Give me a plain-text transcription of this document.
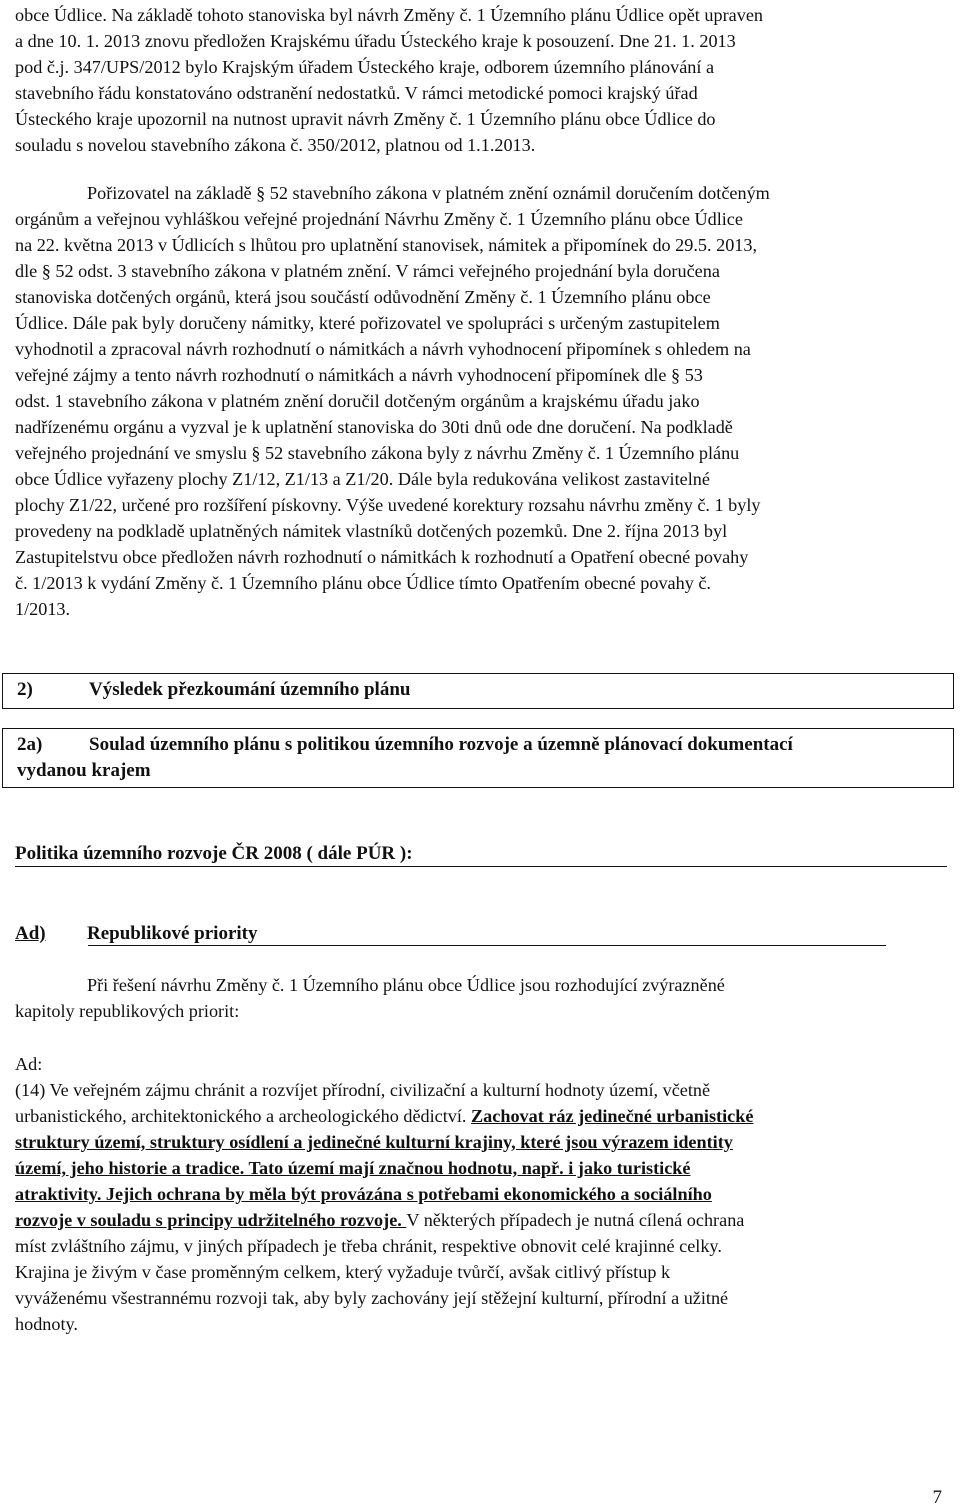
obce Údlice. Na základě tohoto stanoviska byl návrh Změny č. 1 Územního plánu Údlice opět upraven
a dne 10. 1. 2013 znovu předložen Krajskému úřadu Ústeckého kraje k posouzení. Dne 21. 1. 2013
pod č.j. 347/UPS/2012 bylo Krajským úřadem Ústeckého kraje, odborem územního plánování a
stavebního řádu konstatováno odstranění nedostatků. V rámci metodické pomoci krajský úřad
Ústeckého kraje upozornil na nutnost upravit návrh Změny č. 1 Územního plánu obce Údlice do
souladu s novelou stavebního zákona č. 350/2012, platnou od 1.1.2013.
Pořizovatel na základě § 52 stavebního zákona v platném znění oznámil doručením dotčeným
orgánům a veřejnou vyhláškou veřejné projednání Návrhu Změny č. 1 Územního plánu obce Údlice
na 22. května 2013 v Údlicích s lhůtou pro uplatnění stanovisek, námitek a připomínek do 29.5. 2013,
dle § 52 odst. 3 stavebního zákona v platném znění. V rámci veřejného projednání byla doručena
stanoviska dotčených orgánů, která jsou součástí odůvodnění Změny č. 1 Územního plánu obce
Údlice. Dále pak byly doručeny námitky, které pořizovatel ve spolupráci s určeným zastupitelem
vyhodnotil a zpracoval návrh rozhodnutí o námitkách a návrh vyhodnocení připomínek s ohledem na
veřejné zájmy a tento návrh rozhodnutí o námitkách a návrh vyhodnocení připomínek dle § 53
odst. 1 stavebního zákona v platném znění doručil dotčeným orgánům a krajskému úřadu jako
nadřízenému orgánu a vyzval je k uplatnění stanoviska do 30ti dnů ode dne doručení. Na podkladě
veřejného projednání ve smyslu § 52 stavebního zákona byly z návrhu Změny č. 1 Územního plánu
obce Údlice vyřazeny plochy Z1/12, Z1/13 a Z1/20. Dále byla redukována velikost zastavitelné
plochy Z1/22, určené pro rozšíření pískovny. Výše uvedené korektury rozsahu návrhu změny č. 1 byly
provedeny na podkladě uplatněných námitek vlastníků dotčených pozemků. Dne 2. října 2013 byl
Zastupitelstvu obce předložen návrh rozhodnutí o námitkách k rozhodnutí a Opatření obecné povahy
č. 1/2013 k vydání Změny č. 1 Územního plánu obce Údlice tímto Opatřením obecné povahy č.
1/2013.

2)	Výsledek přezkoumání územního plánu

2a) Soulad územního plánu s politikou územního rozvoje a územně plánovací dokumentací
vydanou krajem

Politika územního rozvoje ČR 2008 ( dále PÚR ):

Ad) Republikové priority

Při řešení návrhu Změny č. 1 Územního plánu obce Údlice jsou rozhodující zvýrazněné
kapitoly republikových priorit:
Ad:
(14) Ve veřejném zájmu chránit a rozvíjet přírodní, civilizační a kulturní hodnoty území, včetně
urbanistického, architektonického a archeologického dědictví. Zachovat ráz jedinečné urbanistické
struktury území, struktury osídlení a jedinečné kulturní krajiny, které jsou výrazem identity
území, jeho historie a tradice. Tato území mají značnou hodnotu, např. i jako turistické
atraktivity. Jejich ochrana by měla být provázána s potřebami ekonomického a sociálního
rozvoje v souladu s principy udržitelného rozvoje. V některých případech je nutná cílená ochrana
míst zvláštního zájmu, v jiných případech je třeba chránit, respektive obnovit celé krajinné celky.
Krajina je živým v čase proměnným celkem, který vyžaduje tvůrčí, avšak citlivý přístup k
vyváženému všestrannému rozvoji tak, aby byly zachovány její stěžejní kulturní, přírodní a užitné
hodnoty.
7
